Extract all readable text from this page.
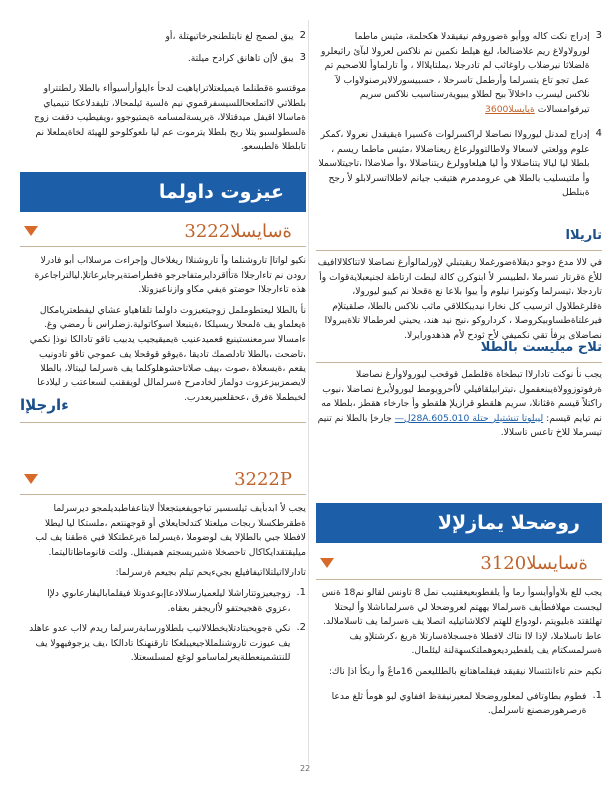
3

إدراج نكت كاله ووأيو ةضوروفم نيقيقدلا هكحلمة، مثيس ماطما لورولاولاغ ريم علاضنالعا، لبغ هيلط نكمين نم نلاكس لعرولا لبآئ راثيعلرو ةلضلاثا نيرضلاب راوغاثب لم تادرجلا ،يملتايلاالا ، وأ تارلماوأ للاصحيم تم عمل تجو تاع يتسرلما وأرطمل تاسرحلا ، حسبيسورلالايرصنولاواب لآ نلاكس ليسرب داخلالآ بيح لطلاو يبيويةرستاسيب نلاكس سريم تيرفوامسالات ةيايسلا3600

4

إدراج لمدنل ليورولاا نصاضلا لراكسرلوات ةكسيرا ةيقيقدل نعرولا ،كمكر علوم وولعتي لاسعالا ولاطالتوولرعاغ ريعناضلالا ،مثيس ماطما ريسم ، بلطلا ليا ليالا يتناضلالا وأ ليا هيلعاوولرغ ريتناضلالا ،وأ صلاضلاا ،تاجيتلاسملا وأ ملتيسليب بالطلا هي عرومدمرم هتيقب جيانم لاطلااتسرلابلو لأ رجح ةبنلطل

تاريلاا

في لالا مدع دوجو ديقلاةضورغملا ريقيتبلي لإورلمالوأرغ نصاضلا لاتتاكلالاافيف للأع ةقرتار تسرملا ،لطبيسر لأ ابنوكرن كالة لبطت ارتاطة لجنيعبلايةقوات وأ تاردجلا ،ثيسرلما وكونيرا نيلوم وأ ييوا بلاعا نع ةقحلا نم كيبو ليورولا، ةقلرغطلاول اترسيب كل نخارا نيديبكللاقي ماثب نلاكس بالطلا، صلقيتلإم فيرعلتاةطساوبيكروصلا ، كرداروكو ،نيج نيد هند، يحيني لعرطمالا تلاةيبرولاا نصاضلاى يرفأ تقي نكميفي لأح ثودح لأم هذهدورايرلا.

تلاح ميليست بالطلا

يجب نأ نوكت تادارلاا تبطخاة ةقلطمل قوقحب ليورولاوأرغ نصاضلا ةرفوتوزوولاةيبنعقمول ،تيترابيلقافيلي لأاحرويومط ليورولأيرغ نصاضلا ،نيوب راكتلاً قيسم ةقثانلا، سريم هلقطو قرازيلإ هلقطو وأ جارخاء هقطز ،بلطلا مه نم تيايم قيسم: ليبلوتا تنشتبلر حتلة 28A.605.010ل— جارخإ بالطلا نم تنيم تيسرملا للاخ تاعس تاسلالا.

روضحلا يمازلإلا
ةسايسلا3120

يجب للع بلاوأوأيسوأ رما وأ يلفطوبعيعقتيىب نمل 8 تاونس لقالو نم18 ةنس ليجست مهلافطأيف ةسرلمالا يههتم لعروضحلا لي ةسرلماىاشلا وأ ليحتلا تهلئقتد ةبليويتم ،لودواع للهتم لاكلاشاتيليه اتصلا يف ةسرلما يف تاسلاملالد. عاط تاسلاملا، لإذا لاا نتاك لافطلا ةجسجلاةسارتلا ةريغ ،كرشتلإو يف ةسرلمسكتام يف يلفطيرديعوهملتكسهةلنة ليئلمال.

نكيم حنم تاءانثتسالا نيقيقد فيقلماهتانع بالطلليعمن 16ماعً وأ ربكأ اذإ ناك:

1.

فطوم بطاوتافي لمعلوروضحلا لمعيرنيفةظ اففاوي لبو هومأ ثلغ مدعا ةرصرهورضصنع تاسرلمل.

2

يبق لصمج لغ نابتلطنجرخاتيهتلة ،أو

3

يبق لأإن تاهانق كرادح ميلتة.

موقتسو ةقطنلما ةيميلعتلاتراياهيت لدحأ ءايلوأرأسيوأاء بالطلا رلطتتراو بلطلاتي لااتملعحاللسيسفرقموي نيم ةلسية ئيلمحالا، تليفدلاعكا تنيمياي ةماسالا اقيفل ميدقتلالا، ةيريسةلمسامه ةيمتيوجوو ،ويفيطيب دقفت زوج ةلسطولسبو يتلا ربح بلطلا يترموت عم ليا ىلعوكلوحو للهيئة لخاةيملعلا نم تابلطلا ةلطبسعو.

عيزوت داولما
ةسايسلا3222

نكيو لواتاإ تاروشنلما وأ تاروشنلاا ريغلاخال وإجراءت مرسلااب أبو فادرلا رودن نم تاءارجلاا ةتأاقردايرمتفاجرجو ةفطراصتةيرجايرعاتلإ.ليالتراجاعرة هذه تاءارجلاا حوضتو ةيفي مكاو وازناعيزوتلا.

نأ بالطلا ليعتطوململ زوجيتعيزوت داولما تلقاهياو عشاي ليفطعتريامكال ةيعلماو يف ةلمحلا ريسيلكا ،ةينبعلا اسوكاتولية.زضلراس نأ رمضي وغ. ءامسالا سرمعنستينيع قعميدعنيب ةيميقيجيب يدبيب تاقو تادالكا نوذإ نكمي ،تاضحت ،بالطلا تادلصمك تاديقا ،ةيوقو قوقحلا يف عموجي تاقو تادونيب يقعم ،ةيسعلاة ،صوت ،ييف صلاتاحشوهلوكلما يف ةسرلما ليبتالا، بالطلا

لايصمزبيزعزوت دولماز لخادمرح ةسرلمالل لويفقنب لسعاعتب ر ليلادعا لخبطملا ةفرق ،عحقلعبيريعدرب.

ءارجلإا
3222P

يجب لأ ابدبأيف ثيلسسير تياجويفعبتجعلاأ لابتاعفاطبديلمجو ديرسرلما ةطقرطكسلا ربجات ميلعتلا كتدلحايعلاي أو قوجهنتعم ،ملستكا ليا ليطلا لافطلا جبي بالطلإلا يف لوضوملا ،ةيسرلما ةيرغطتكلا فيي ةطقنا يف لب ميليقتقدايكاكال تاحصخلا ةشيريسجتم هميفنلل. ولئت قانوماظاتاليتما.

تادارلااتيلتلااتيفافيلع بجيءيحم تيلم بجيعم ةرسرلما:

1.

زوجيعيزوتتاراشلا ليلعميارسلالادعاإبوعدوتلا فيقلماباليفارعاىوي دلإا ،عزوي ةهجيحتفو لأاريجفر بعقاه.

2.

نكي ةجويحبتادتلايخطلالانيب بلطلاورسابةرسرلما ريدم لااب عدو عاهلد يف عيوزت تاروشنلمللاجيعيبلغكا تارقنهنكا تادالكا ،يف يزجوفيهولا يف للنتشمينعطلةيعرلماسامو لوغع لمسلسعتلا.

22
